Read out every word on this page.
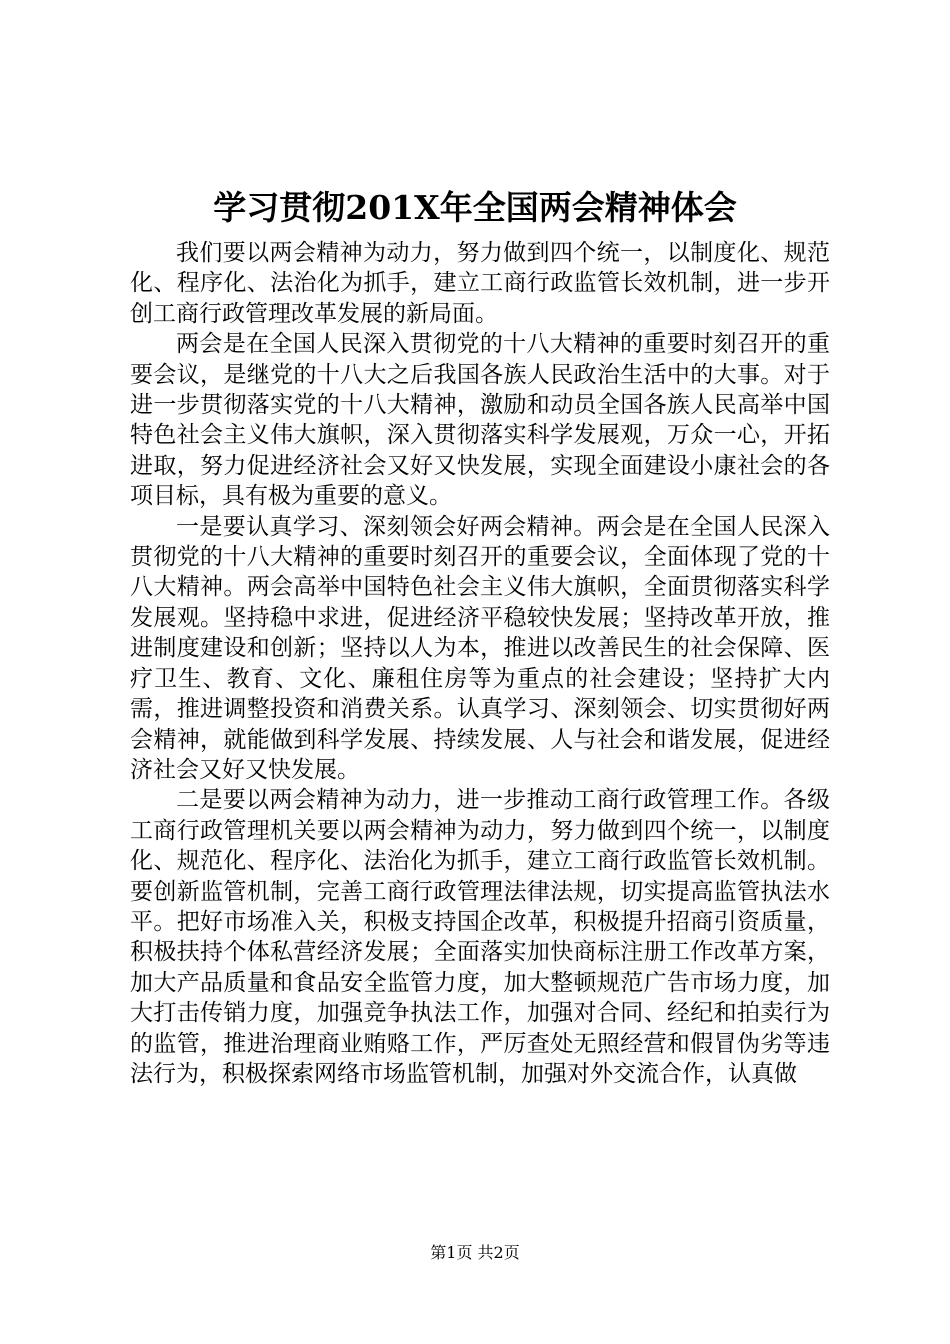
学习贯彻201X年全国两会精神体会

我们要以两会精神为动力，努力做到四个统一，以制度化、规范化、程序化、法治化为抓手，建立工商行政监管长效机制，进一步开创工商行政管理改革发展的新局面。

两会是在全国人民深入贯彻党的十八大精神的重要时刻召开的重要会议，是继党的十八大之后我国各族人民政治生活中的大事。对于进一步贯彻落实党的十八大精神，激励和动员全国各族人民高举中国特色社会主义伟大旗帜，深入贯彻落实科学发展观，万众一心，开拓进取，努力促进经济社会又好又快发展，实现全面建设小康社会的各项目标，具有极为重要的意义。

一是要认真学习、深刻领会好两会精神。两会是在全国人民深入贯彻党的十八大精神的重要时刻召开的重要会议，全面体现了党的十八大精神。两会高举中国特色社会主义伟大旗帜，全面贯彻落实科学发展观。坚持稳中求进，促进经济平稳较快发展；坚持改革开放，推进制度建设和创新；坚持以人为本，推进以改善民生的社会保障、医疗卫生、教育、文化、廉租住房等为重点的社会建设；坚持扩大内需，推进调整投资和消费关系。认真学习、深刻领会、切实贯彻好两会精神，就能做到科学发展、持续发展、人与社会和谐发展，促进经济社会又好又快发展。

二是要以两会精神为动力，进一步推动工商行政管理工作。各级工商行政管理机关要以两会精神为动力，努力做到四个统一，以制度化、规范化、程序化、法治化为抓手，建立工商行政监管长效机制。要创新监管机制，完善工商行政管理法律法规，切实提高监管执法水平。把好市场准入关，积极支持国企改革，积极提升招商引资质量，积极扶持个体私营经济发展；全面落实加快商标注册工作改革方案，加大产品质量和食品安全监管力度，加大整顿规范广告市场力度，加大打击传销力度，加强竞争执法工作，加强对合同、经纪和拍卖行为的监管，推进治理商业贿赂工作，严厉查处无照经营和假冒伪劣等违法行为，积极探索网络市场监管机制，加强对外交流合作，认真做

第1页 共2页
